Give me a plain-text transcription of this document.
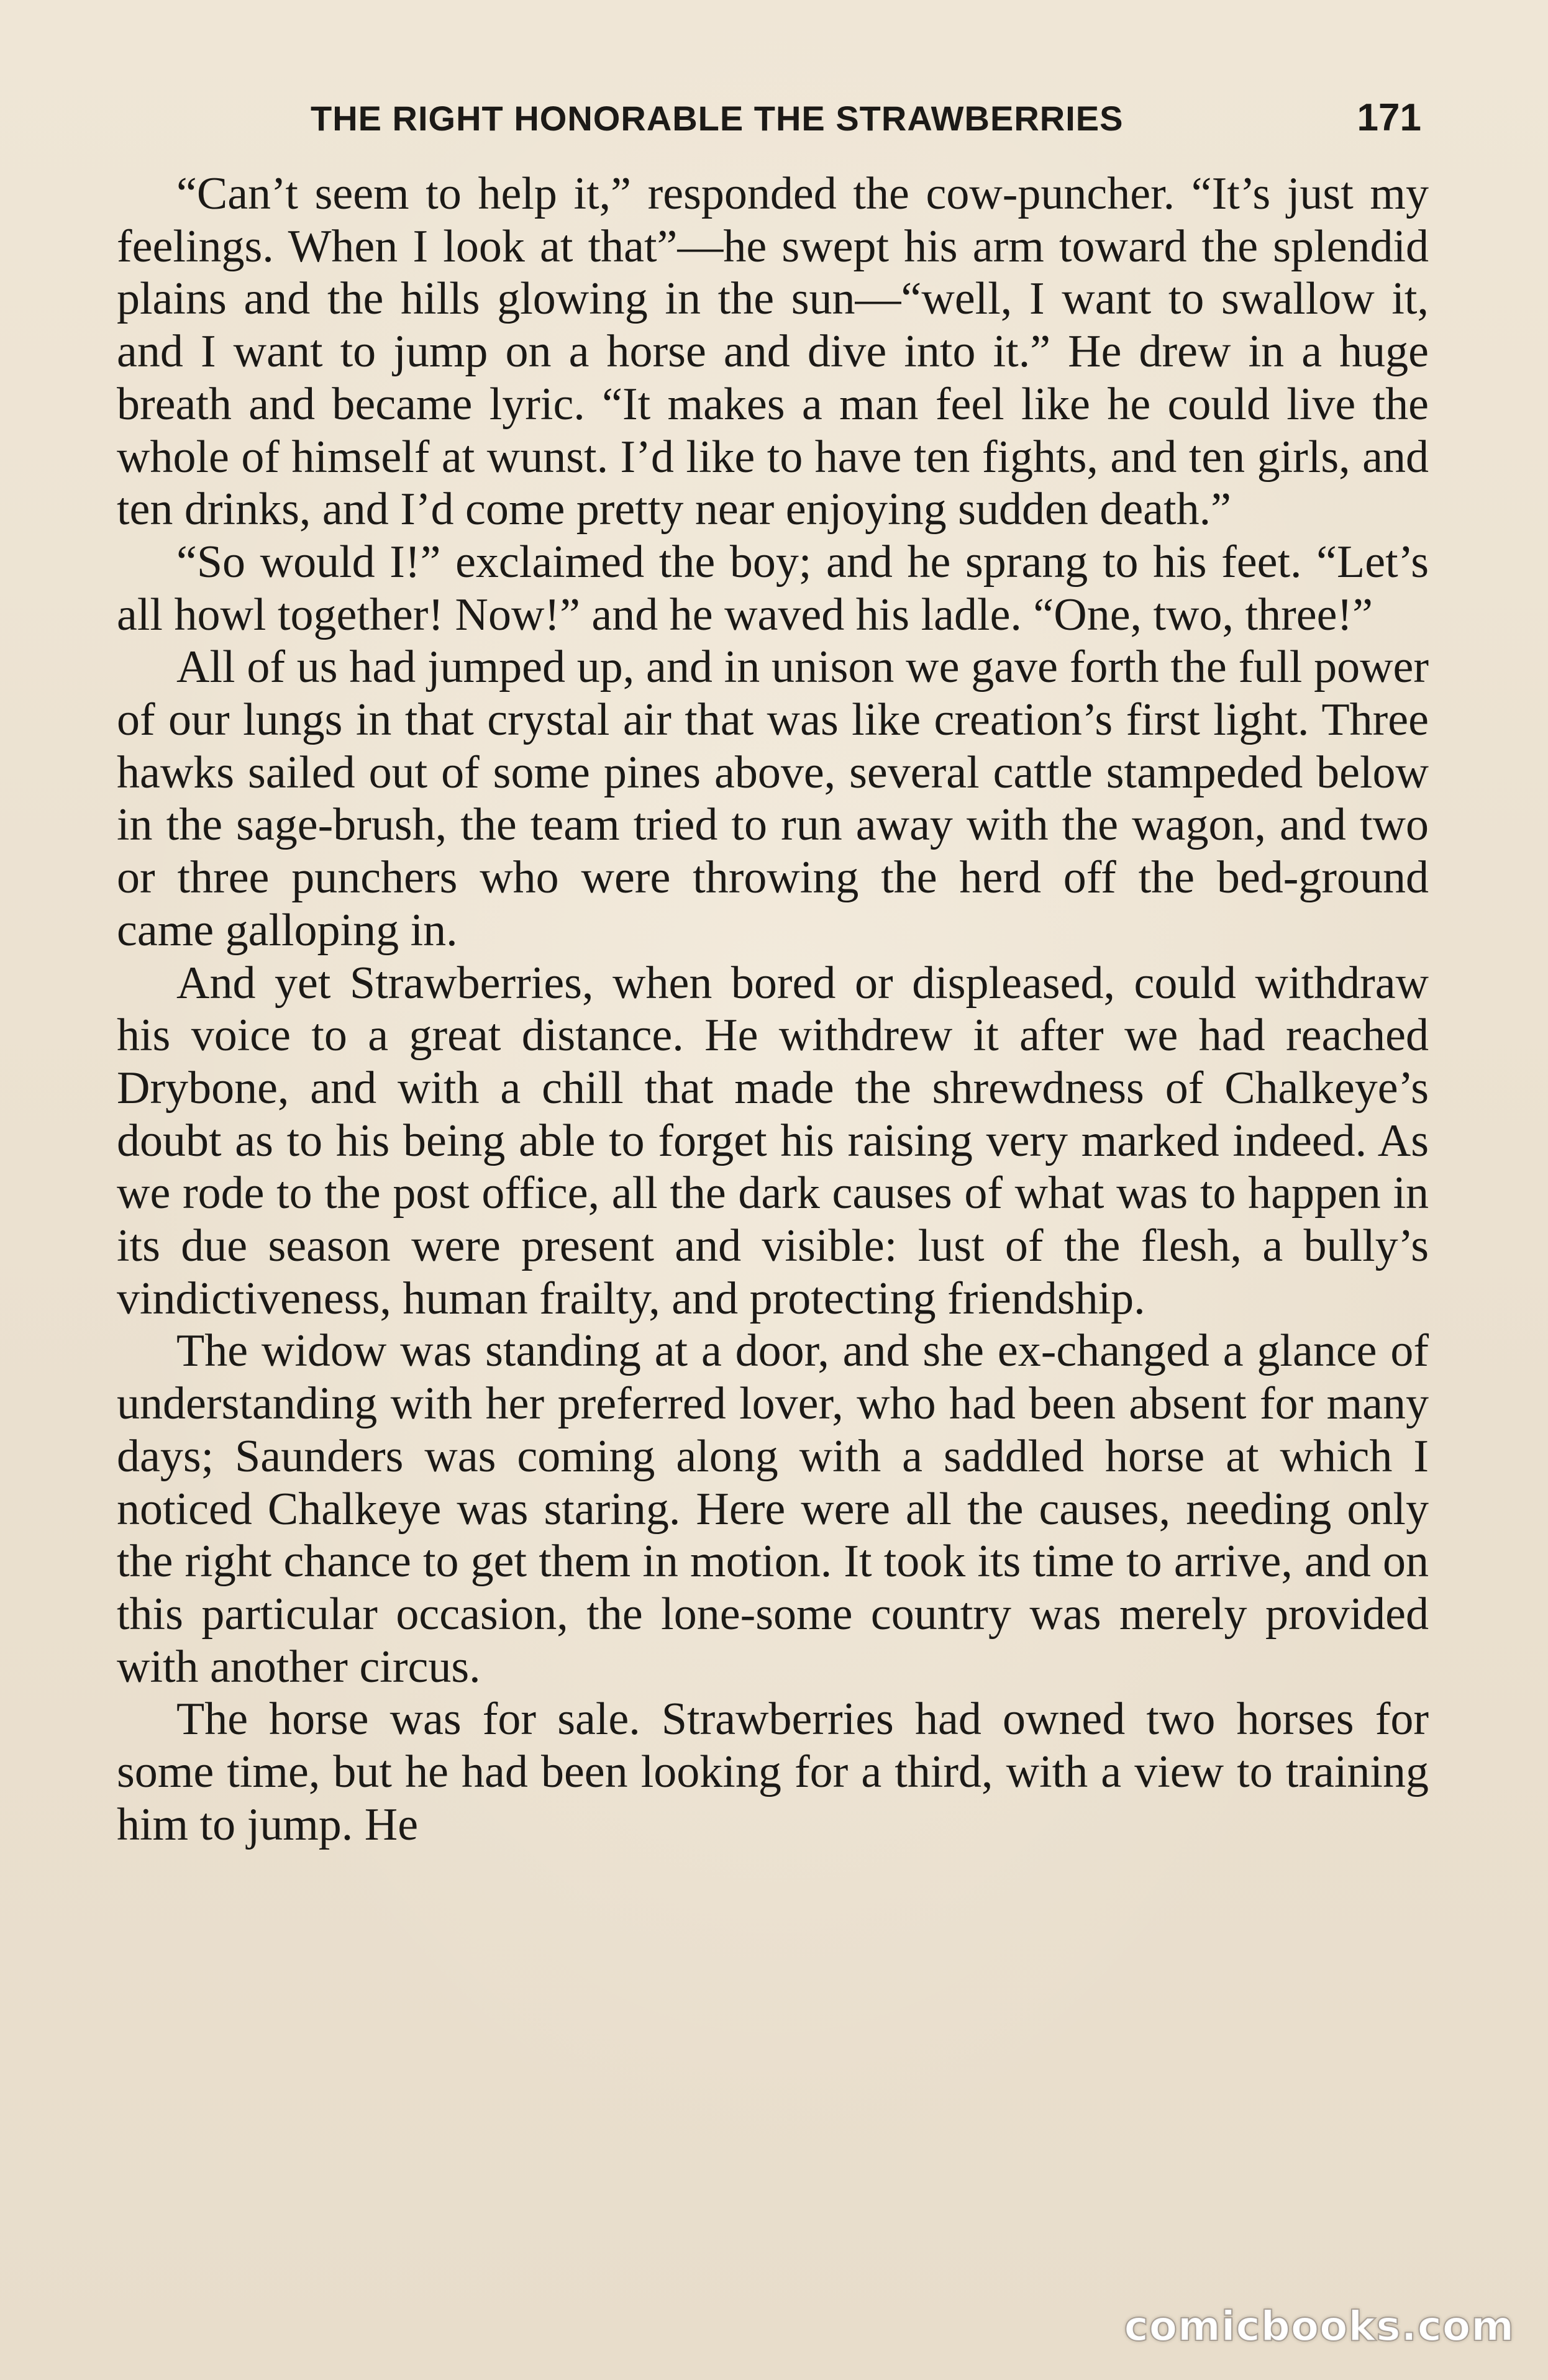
THE RIGHT HONORABLE THE STRAWBERRIES	171

“Can’t seem to help it,” responded the cow-puncher. “It’s just my feelings. When I look at that”—he swept his arm toward the splendid plains and the hills glowing in the sun—“well, I want to swallow it, and I want to jump on a horse and dive into it.” He drew in a huge breath and became lyric. “It makes a man feel like he could live the whole of himself at wunst. I’d like to have ten fights, and ten girls, and ten drinks, and I’d come pretty near enjoying sudden death.”

“So would I!” exclaimed the boy; and he sprang to his feet. “Let’s all howl together! Now!” and he waved his ladle. “One, two, three!”

All of us had jumped up, and in unison we gave forth the full power of our lungs in that crystal air that was like creation’s first light. Three hawks sailed out of some pines above, several cattle stampeded below in the sage-brush, the team tried to run away with the wagon, and two or three punchers who were throwing the herd off the bed-ground came galloping in.

And yet Strawberries, when bored or displeased, could withdraw his voice to a great distance. He withdrew it after we had reached Drybone, and with a chill that made the shrewdness of Chalkeye’s doubt as to his being able to forget his raising very marked indeed. As we rode to the post office, all the dark causes of what was to happen in its due season were present and visible: lust of the flesh, a bully’s vindictiveness, human frailty, and protecting friendship.

The widow was standing at a door, and she ex-changed a glance of understanding with her preferred lover, who had been absent for many days; Saunders was coming along with a saddled horse at which I noticed Chalkeye was staring. Here were all the causes, needing only the right chance to get them in motion. It took its time to arrive, and on this particular occasion, the lone-some country was merely provided with another circus.

The horse was for sale. Strawberries had owned two horses for some time, but he had been looking for a third, with a view to training him to jump. He

comicbooks.com
